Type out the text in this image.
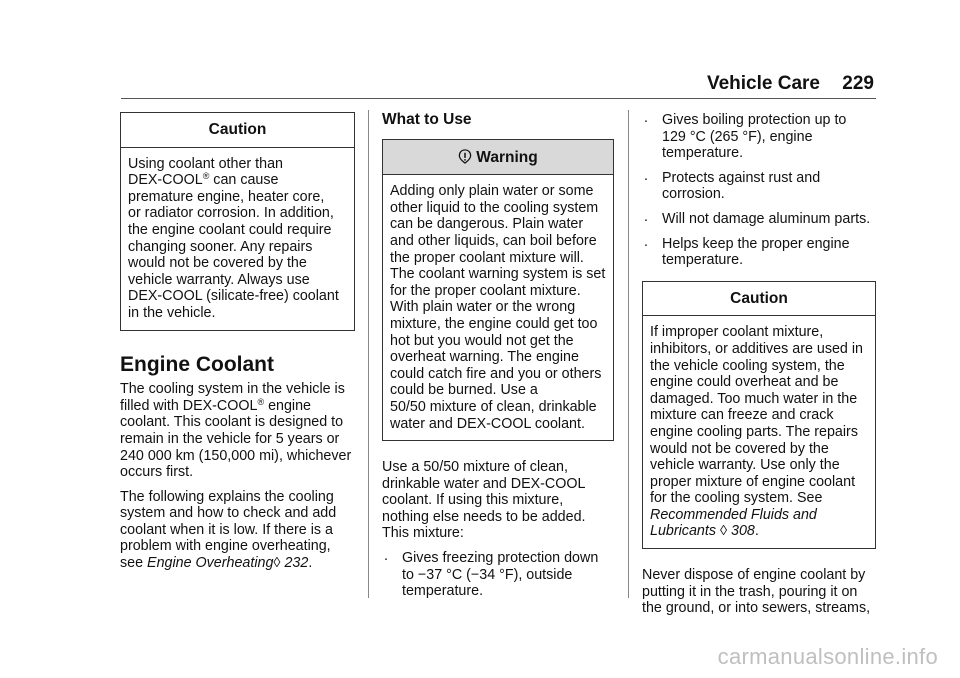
Vehicle Care 229
Caution
Using coolant other than
DEX-COOL® can cause
premature engine, heater core,
or radiator corrosion. In addition,
the engine coolant could require
changing sooner. Any repairs
would not be covered by the
vehicle warranty. Always use
DEX-COOL (silicate-free) coolant
in the vehicle.
Engine Coolant

The cooling system in the vehicle is
filled with DEX-COOL® engine
coolant. This coolant is designed to
remain in the vehicle for 5 years or
240 000 km (150,000 mi), whichever
occurs first.

The following explains the cooling
system and how to check and add
coolant when it is low. If there is a
problem with engine overheating,
see Engine Overheating◊ 232.

What to Use
Warning
Adding only plain water or some
other liquid to the cooling system
can be dangerous. Plain water
and other liquids, can boil before
the proper coolant mixture will.
The coolant warning system is set
for the proper coolant mixture.
With plain water or the wrong
mixture, the engine could get too
hot but you would not get the
overheat warning. The engine
could catch fire and you or others
could be burned. Use a
50/50 mixture of clean, drinkable
water and DEX-COOL coolant.

Use a 50/50 mixture of clean,
drinkable water and DEX-COOL
coolant. If using this mixture,
nothing else needs to be added.
This mixture:

. Gives freezing protection down
to −37 °C (−34 °F), outside
temperature.
. Gives boiling protection up to
129 °C (265 °F), engine
temperature.
. Protects against rust and
corrosion.
. Will not damage aluminum parts.
. Helps keep the proper engine
temperature.
Caution
If improper coolant mixture,
inhibitors, or additives are used in
the vehicle cooling system, the
engine could overheat and be
damaged. Too much water in the
mixture can freeze and crack
engine cooling parts. The repairs
would not be covered by the
vehicle warranty. Use only the
proper mixture of engine coolant
for the cooling system. See
Recommended Fluids and
Lubricants ◊ 308.

Never dispose of engine coolant by
putting it in the trash, pouring it on
the ground, or into sewers, streams,

carmanualsonline.info
